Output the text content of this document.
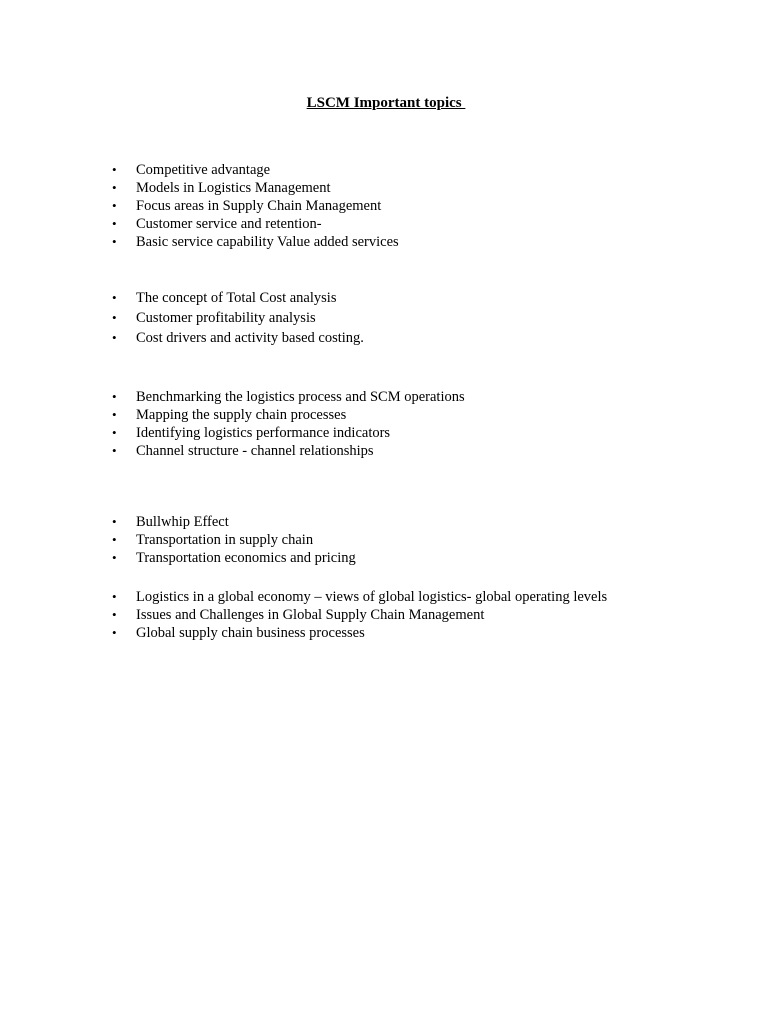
LSCM Important topics
• Competitive advantage
• Models in Logistics Management
• Focus areas in Supply Chain Management
• Customer service and retention-
• Basic service capability Value added services
• The concept of Total Cost analysis
• Customer profitability analysis
• Cost drivers and activity based costing.
• Benchmarking the logistics process and SCM operations
• Mapping the supply chain processes
• Identifying logistics performance indicators
• Channel structure - channel relationships
• Bullwhip Effect
• Transportation in supply chain
• Transportation economics and pricing
• Logistics in a global economy – views of global logistics- global operating levels
• Issues and Challenges in Global Supply Chain Management
• Global supply chain business processes
